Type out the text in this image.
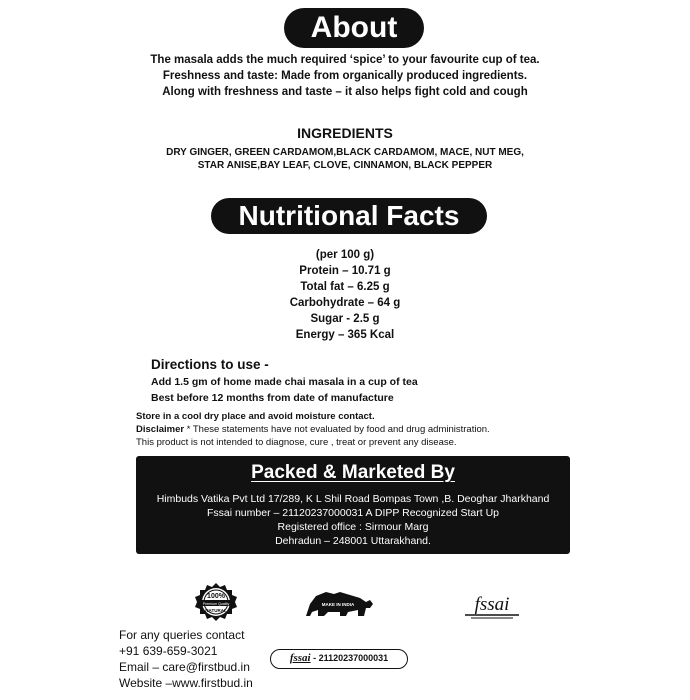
About
The masala adds the much required ‘spice’ to your favourite cup of tea.
Freshness and taste: Made from organically produced ingredients.
Along with freshness and taste – it also helps fight cold and cough
INGREDIENTS
DRY GINGER, GREEN CARDAMOM,BLACK CARDAMOM, MACE, NUT MEG,
STAR ANISE,BAY LEAF, CLOVE, CINNAMON, BLACK PEPPER
Nutritional Facts
(per 100 g)
Protein – 10.71 g
Total fat – 6.25 g
Carbohydrate – 64 g
Sugar - 2.5 g
Energy – 365 Kcal
Directions to use -
Add 1.5 gm of home made chai masala in a cup of tea
Best before 12 months from date of manufacture
Store in a cool dry place and avoid moisture contact.
Disclaimer * These statements have not evaluated by food and drug administration.
This product is not intended to diagnose, cure , treat or prevent any disease.
Packed & Marketed By
Himbuds Vatika Pvt Ltd 17/289, K L Shil Road Bompas Town ,B. Deoghar Jharkhand
Fssai number – 21120237000031 A DIPP Recognized Start Up
Registered office : Sirmour Marg
Dehradun – 248001 Uttarakhand.
100%
Premium Quality
NATURAL
MAKE IN INDIA	fssai
For any queries contact
+91 639-659-3021
Email – care@firstbud.in
Website –www.firstbud.in
fssai - 21120237000031
